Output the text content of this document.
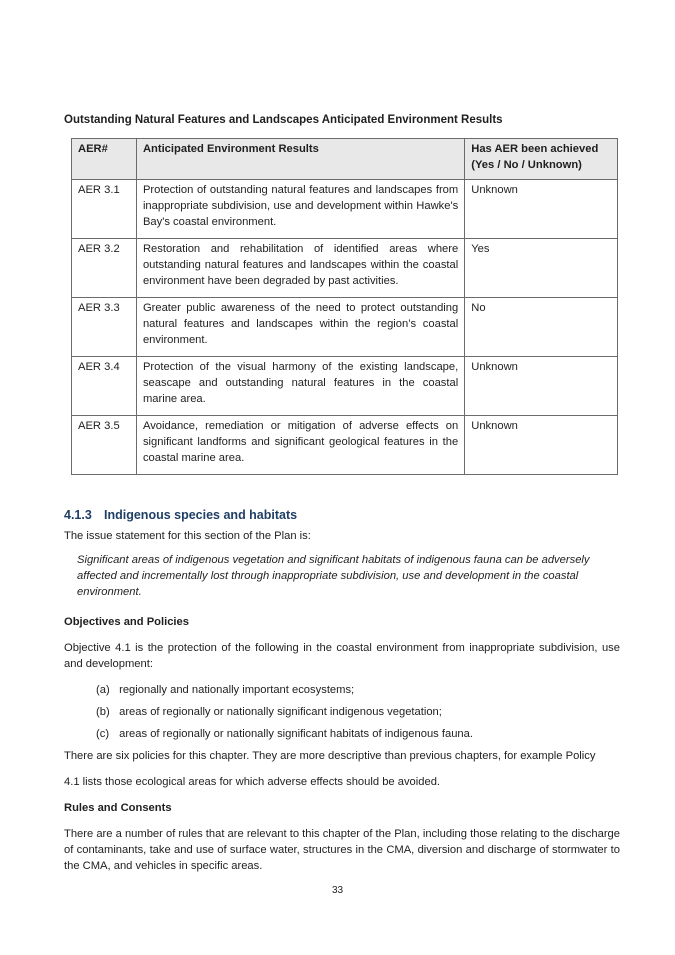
Outstanding Natural Features and Landscapes Anticipated Environment Results
AER#	Anticipated Environment Results	Has AER been achieved
(Yes / No / Unknown)

AER 3.1	Protection of outstanding natural features and landscapes from inappropriate subdivision, use and development within Hawke's Bay's coastal environment.	Unknown
AER 3.2	Restoration and rehabilitation of identified areas where outstanding natural features and landscapes within the coastal environment have been degraded by past activities.	Yes
AER 3.3	Greater public awareness of the need to protect outstanding natural features and landscapes within the region’s coastal environment.	No
AER 3.4	Protection of the visual harmony of the existing landscape, seascape and outstanding natural features in the coastal marine area.	Unknown
AER 3.5	Avoidance, remediation or mitigation of adverse effects on significant landforms and significant geological features in the coastal marine area.	Unknown
4.1.3 Indigenous species and habitats

The issue statement for this section of the Plan is:

Significant areas of indigenous vegetation and significant habitats of indigenous fauna can be adversely affected and incrementally lost through inappropriate subdivision, use and development in the coastal environment.

Objectives and Policies

Objective 4.1 is the protection of the following in the coastal environment from inappropriate subdivision, use and development:

(a) regionally and nationally important ecosystems;
(b) areas of regionally or nationally significant indigenous vegetation;
(c) areas of regionally or nationally significant habitats of indigenous fauna.

There are six policies for this chapter. They are more descriptive than previous chapters, for example Policy

4.1 lists those ecological areas for which adverse effects should be avoided.

Rules and Consents

There are a number of rules that are relevant to this chapter of the Plan, including those relating to the discharge of contaminants, take and use of surface water, structures in the CMA, diversion and discharge of stormwater to the CMA, and vehicles in specific areas.

33
